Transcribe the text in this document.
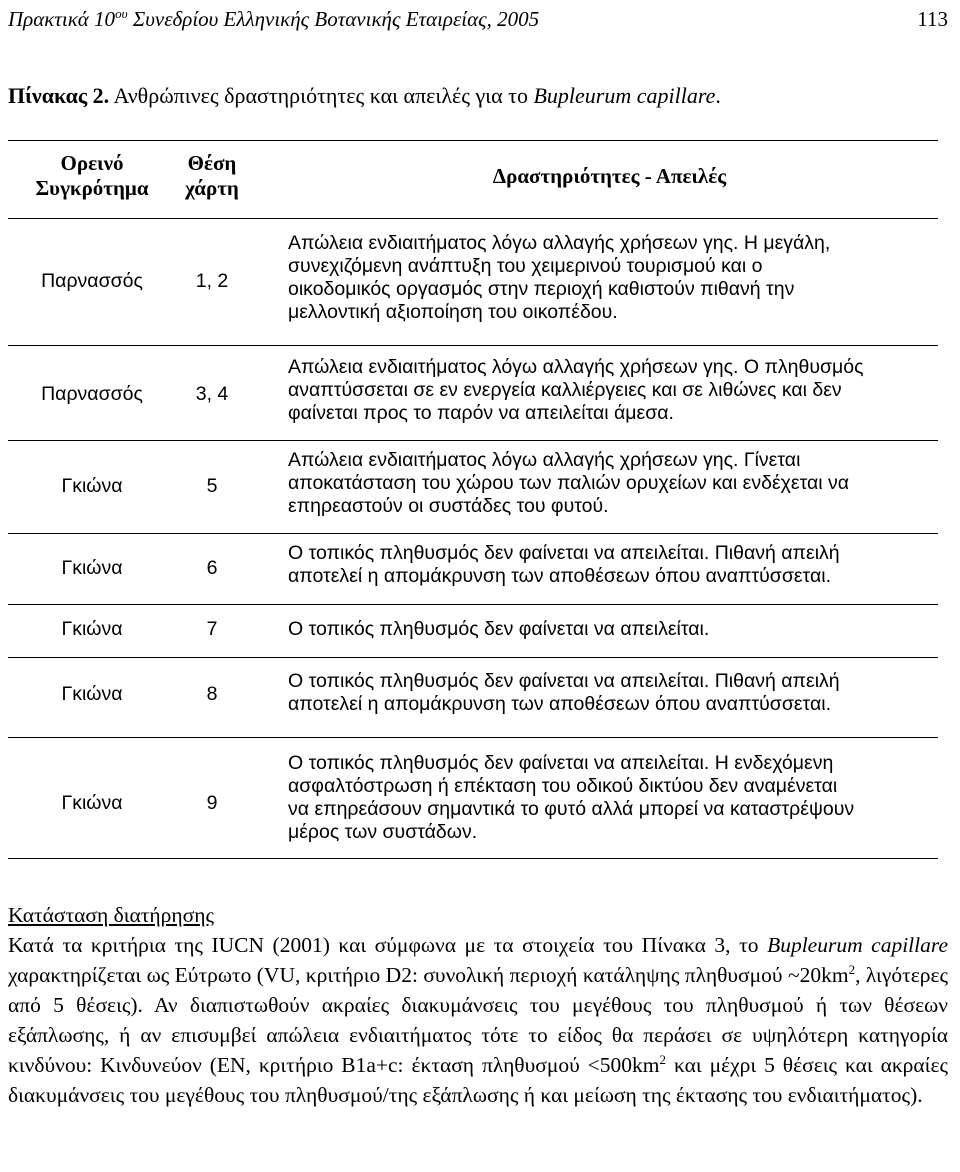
Πρακτικά $10^{o\upsilon}$ Συνεδρίου Ελληνικής Βοτανικής Εταιρείας, 2005	113
Πίνακας 2. Ανθρώπινες δραστηριότητες και απειλές για το Bupleurum capillare.
Ορεινό
Συγκρότημα
Θέση
χάρτη	Δραστηριότητες - Απειλές
Παρνασσός	1, 2
Απώλεια ενδιαιτήματος λόγω αλλαγής χρήσεων γης. Η μεγάλη,
συνεχιζόμενη ανάπτυξη του χειμερινού τουρισμού και ο
οικοδομικός οργασμός στην περιοχή καθιστούν πιθανή την
μελλοντική αξιοποίηση του οικοπέδου.
Παρνασσός	3, 4
Απώλεια ενδιαιτήματος λόγω αλλαγής χρήσεων γης. Ο πληθυσμός
αναπτύσσεται σε εν ενεργεία καλλιέργειες και σε λιθώνες και δεν
φαίνεται προς το παρόν να απειλείται άμεσα.
Γκιώνα	5
Απώλεια ενδιαιτήματος λόγω αλλαγής χρήσεων γης. Γίνεται
αποκατάσταση του χώρου των παλιών ορυχείων και ενδέχεται να
επηρεαστούν οι συστάδες του φυτού.
Γκιώνα	6
Ο τοπικός πληθυσμός δεν φαίνεται να απειλείται. Πιθανή απειλή
αποτελεί η απομάκρυνση των αποθέσεων όπου αναπτύσσεται.
Γκιώνα	7	Ο τοπικός πληθυσμός δεν φαίνεται να απειλείται.
Γκιώνα	8
Ο τοπικός πληθυσμός δεν φαίνεται να απειλείται. Πιθανή απειλή
αποτελεί η απομάκρυνση των αποθέσεων όπου αναπτύσσεται.
Γκιώνα	9
Ο τοπικός πληθυσμός δεν φαίνεται να απειλείται. Η ενδεχόμενη
ασφαλτόστρωση ή επέκταση του οδικού δικτύου δεν αναμένεται
να επηρεάσουν σημαντικά το φυτό αλλά μπορεί να καταστρέψουν
μέρος των συστάδων.
Κατάσταση διατήρησης

Κατά τα κριτήρια της IUCN (2001) και σύμφωνα με τα στοιχεία του Πίνακα 3, το Bupleurum capillare χαρακτηρίζεται ως Εύτρωτο (VU, κριτήριο D2: συνολική περιοχή κατάληψης πληθυσμού $\sim 20km^2$, λιγότερες από 5 θέσεις). Αν διαπιστωθούν ακραίες διακυμάνσεις του μεγέθους του πληθυσμού ή των θέσεων εξάπλωσης, ή αν επισυμβεί απώλεια ενδιαιτήματος τότε το είδος θα περάσει σε υψηλότερη κατηγορία κινδύνου: Κινδυνεύον (EN, κριτήριο B1a+c: έκταση $\pi\lambda\eta\theta\upsilon\sigma\mu oύ <500km^2$ και μέχρι 5 θέσεις και ακραίες διακυμάνσεις του μεγέθους του πληθυσμού/της εξάπλωσης ή και μείωση της έκτασης του ενδιαιτήματος).
